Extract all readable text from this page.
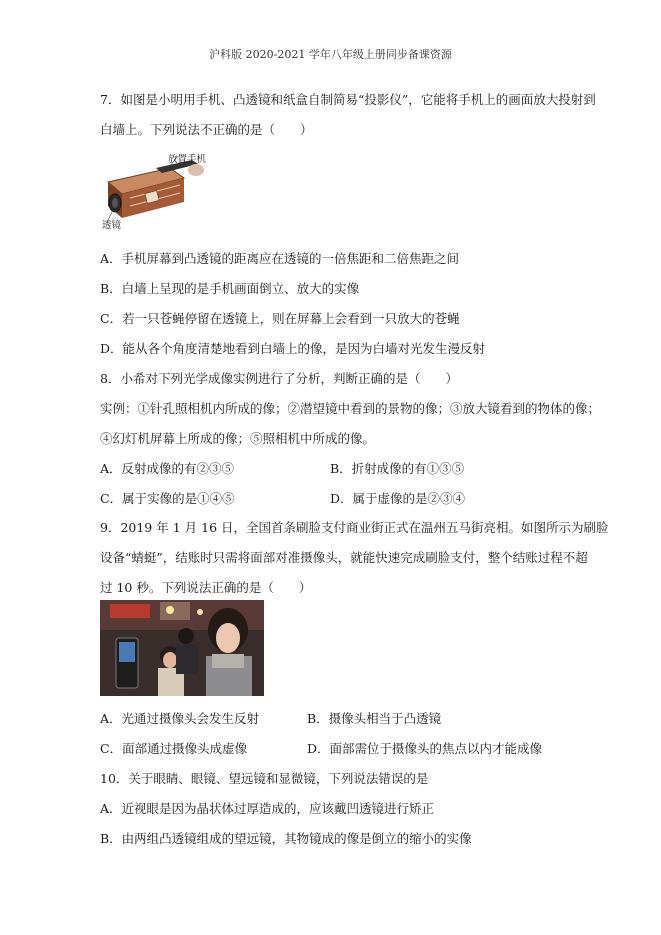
沪科版 2020-2021 学年八年级上册同步备课资源
7．如图是小明用手机、凸透镜和纸盒自制简易“投影仪”，它能将手机上的画面放大投射到
白墙上。下列说法不正确的是（　　）
放置手机
透镜
A．手机屏幕到凸透镜的距离应在透镜的一倍焦距和二倍焦距之间
B．白墙上呈现的是手机画面倒立、放大的实像
C．若一只苍蝇停留在透镜上，则在屏幕上会看到一只放大的苍蝇
D．能从各个角度清楚地看到白墙上的像，是因为白墙对光发生漫反射
8．小希对下列光学成像实例进行了分析，判断正确的是（　　）
实例：①针孔照相机内所成的像；②潜望镜中看到的景物的像；③放大镜看到的物体的像；
④幻灯机屏幕上所成的像；⑤照相机中所成的像。
A．反射成像的有②③⑤	B．折射成像的有①③⑤
C．属于实像的是①④⑤	D．属于虚像的是②③④
9．2019 年 1 月 16 日，全国首条刷脸支付商业街正式在温州五马街亮相。如图所示为刷脸
设备“蜻蜓”，结账时只需将面部对准摄像头，就能快速完成刷脸支付，整个结账过程不超
过 10 秒。下列说法正确的是（　　）
A．光通过摄像头会发生反射	B．摄像头相当于凸透镜
C．面部通过摄像头成虚像	D．面部需位于摄像头的焦点以内才能成像
10．关于眼睛、眼镜、望远镜和显微镜，下列说法错误的是
A．近视眼是因为晶状体过厚造成的，应该戴凹透镜进行矫正
B．由两组凸透镜组成的望远镜，其物镜成的像是倒立的缩小的实像
